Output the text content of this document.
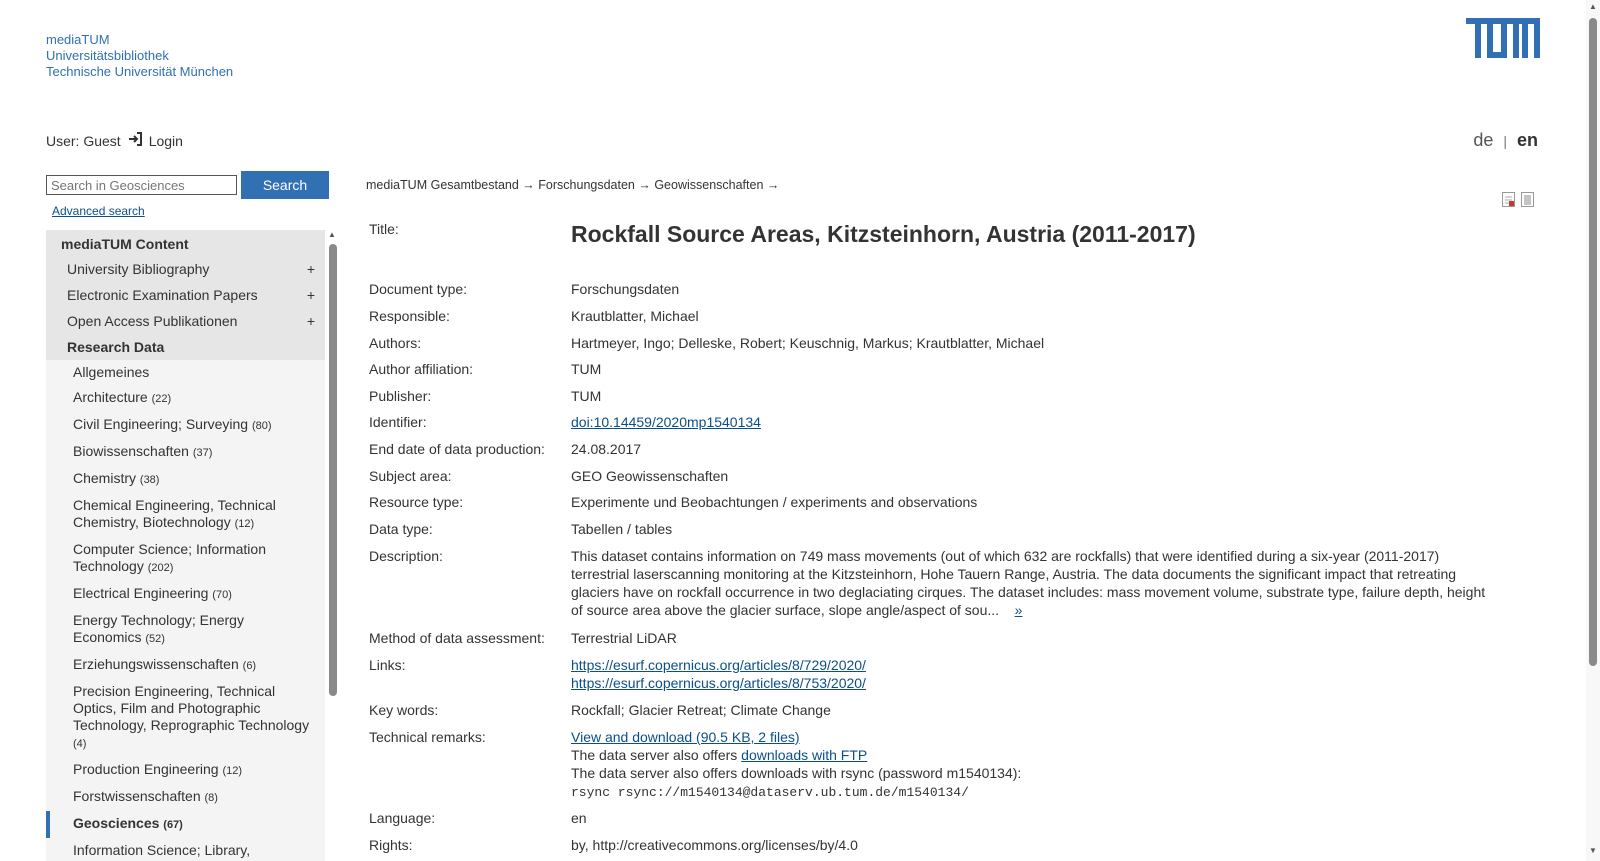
mediaTUM
Universitätsbibliothek
Technische Universität München
User: Guest Login	de | en
Search in Geosciences
Search
Advanced search
mediaTUM Content
University Bibliography	+
Electronic Examination Papers	+
Open Access Publikationen	+
Research Data
Allgemeines
Architecture (22)
Civil Engineering; Surveying (80)
Biowissenschaften (37)
Chemistry (38)
Chemical Engineering, Technical Chemistry, Biotechnology (12)
Computer Science; Information Technology (202)
Electrical Engineering (70)
Energy Technology; Energy Economics (52)
Erziehungswissenschaften (6)
Precision Engineering, Technical Optics, Film and Photographic Technology, Reprographic Technology (4)
Production Engineering (12)
Forstwissenschaften (8)
Geosciences (67)
Information Science; Library,
▲
mediaTUM Gesamtbestand → Forschungsdaten → Geowissenschaften →
Title:	Rockfall Source Areas, Kitzsteinhorn, Austria (2011-2017)
Document type:	Forschungsdaten
Responsible:	Krautblatter, Michael
Authors:	Hartmeyer, Ingo; Delleske, Robert; Keuschnig, Markus; Krautblatter, Michael
Author affiliation:	TUM
Publisher:	TUM
Identifier:	doi:10.14459/2020mp1540134
End date of data production:	24.08.2017
Subject area:	GEO Geowissenschaften
Resource type:	Experimente und Beobachtungen / experiments and observations
Data type:	Tabellen / tables
Description:	This dataset contains information on 749 mass movements (out of which 632 are rockfalls) that were identified during a six-year (2011-2017) terrestrial laserscanning monitoring at the Kitzsteinhorn, Hohe Tauern Range, Austria. The data documents the significant impact that retreating glaciers have on rockfall occurrence in two deglaciating cirques. The dataset includes: mass movement volume, substrate type, failure depth, height of source area above the glacier surface, slope angle/aspect of sou... »
Method of data assessment:	Terrestrial LiDAR
Links:	https://esurf.copernicus.org/articles/8/729/2020/
https://esurf.copernicus.org/articles/8/753/2020/
Key words:	Rockfall; Glacier Retreat; Climate Change
Technical remarks:	View and download (90.5 KB, 2 files)
The data server also offers downloads with FTP
The data server also offers downloads with rsync (password m1540134):
rsync rsync://m1540134@dataserv.ub.tum.de/m1540134/
Language:	en
Rights:	by, http://creativecommons.org/licenses/by/4.0
▲
▼
